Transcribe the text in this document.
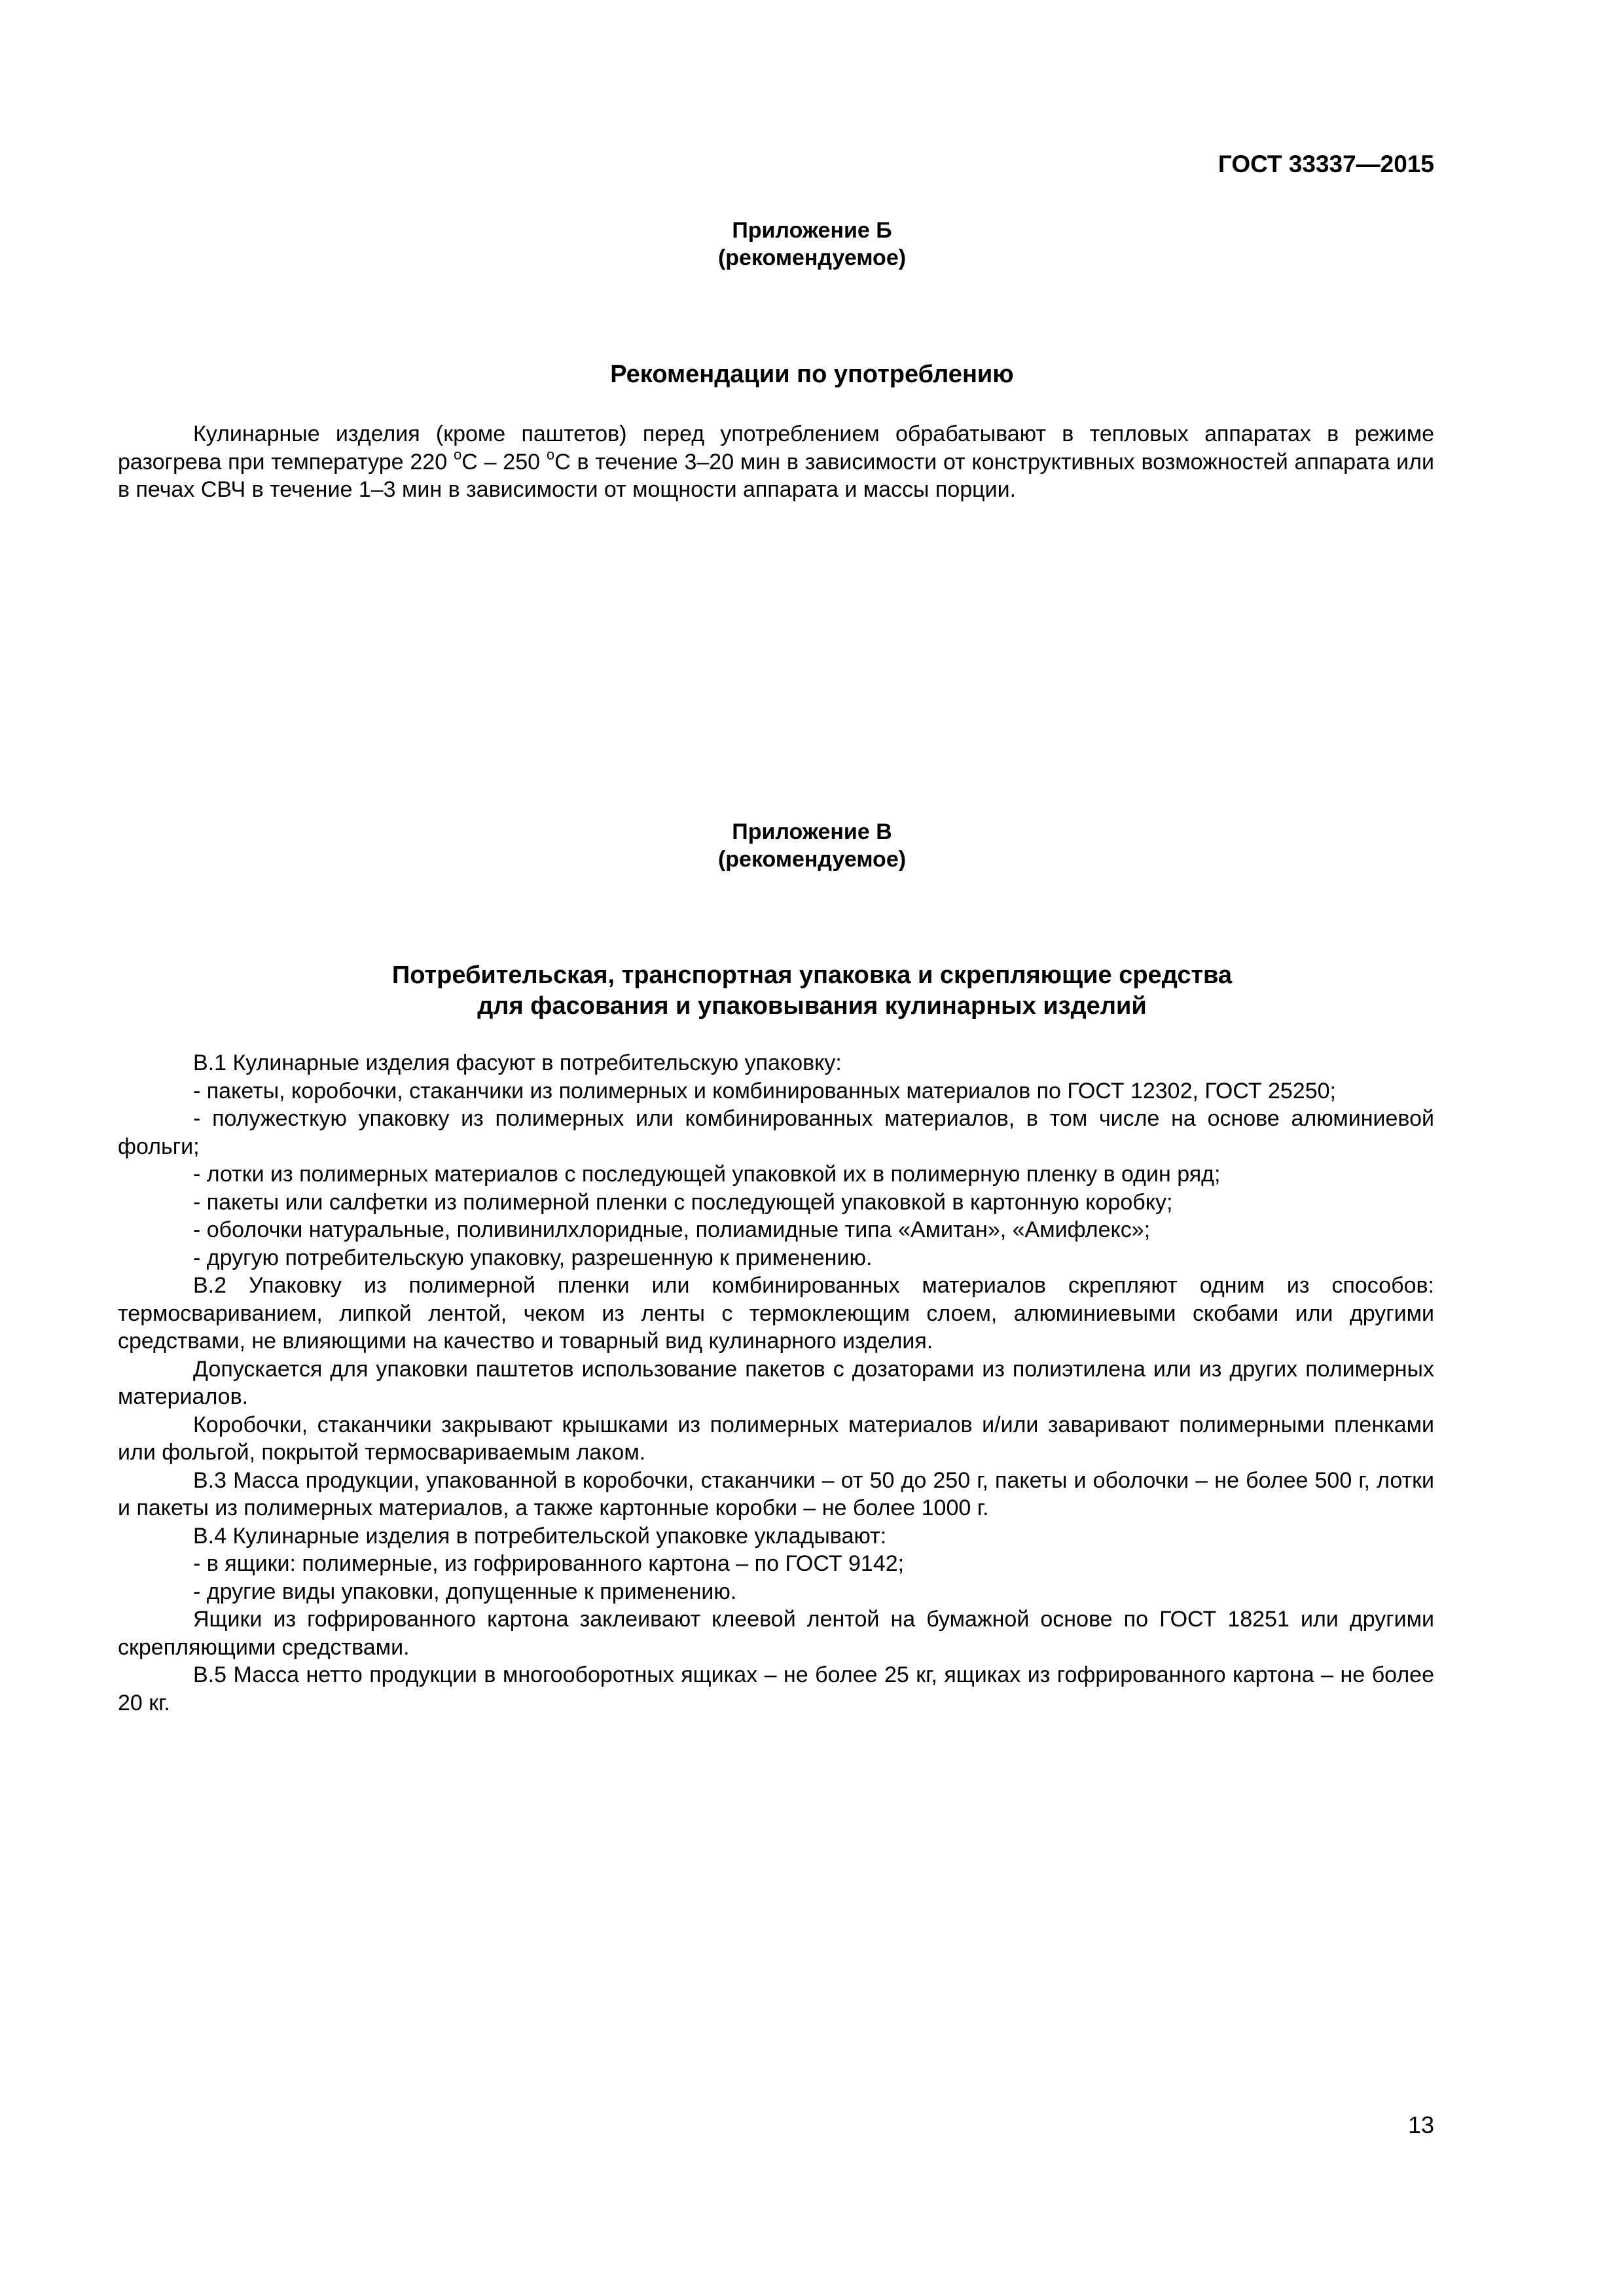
ГОСТ 33337—2015
Приложение Б
(рекомендуемое)
Рекомендации по употреблению

Кулинарные изделия (кроме паштетов) перед употреблением обрабатывают в тепловых аппаратах в режиме разогрева при температуре 220 $^о$С – 250 $^о$С в течение 3–20 мин в зависимости от конструктивных возможностей аппарата или в печах СВЧ в течение 1–3 мин в зависимости от мощности аппарата и массы порции.

Приложение В
(рекомендуемое)
Потребительская, транспортная упаковка и скрепляющие средства
для фасования и упаковывания кулинарных изделий

В.1 Кулинарные изделия фасуют в потребительскую упаковку:

- пакеты, коробочки, стаканчики из полимерных и комбинированных материалов по ГОСТ 12302, ГОСТ 25250;

- полужесткую упаковку из полимерных или комбинированных материалов, в том числе на основе алюминиевой фольги;

- лотки из полимерных материалов с последующей упаковкой их в полимерную пленку в один ряд;

- пакеты или салфетки из полимерной пленки с последующей упаковкой в картонную коробку;

- оболочки натуральные, поливинилхлоридные, полиамидные типа «Амитан», «Амифлекс»;

- другую потребительскую упаковку, разрешенную к применению.

В.2 Упаковку из полимерной пленки или комбинированных материалов скрепляют одним из способов: термосвариванием, липкой лентой, чеком из ленты с термоклеющим слоем, алюминиевыми скобами или другими средствами, не влияющими на качество и товарный вид кулинарного изделия.

Допускается для упаковки паштетов использование пакетов с дозаторами из полиэтилена или из других полимерных материалов.

Коробочки, стаканчики закрывают крышками из полимерных материалов и/или заваривают полимерными пленками или фольгой, покрытой термосвариваемым лаком.

В.3 Масса продукции, упакованной в коробочки, стаканчики – от 50 до 250 г, пакеты и оболочки – не более 500 г, лотки и пакеты из полимерных материалов, а также картонные коробки – не более 1000 г.

В.4 Кулинарные изделия в потребительской упаковке укладывают:

- в ящики: полимерные, из гофрированного картона – по ГОСТ 9142;

- другие виды упаковки, допущенные к применению.

Ящики из гофрированного картона заклеивают клеевой лентой на бумажной основе по ГОСТ 18251 или другими скрепляющими средствами.

В.5 Масса нетто продукции в многооборотных ящиках – не более 25 кг, ящиках из гофрированного картона – не более 20 кг.

13
